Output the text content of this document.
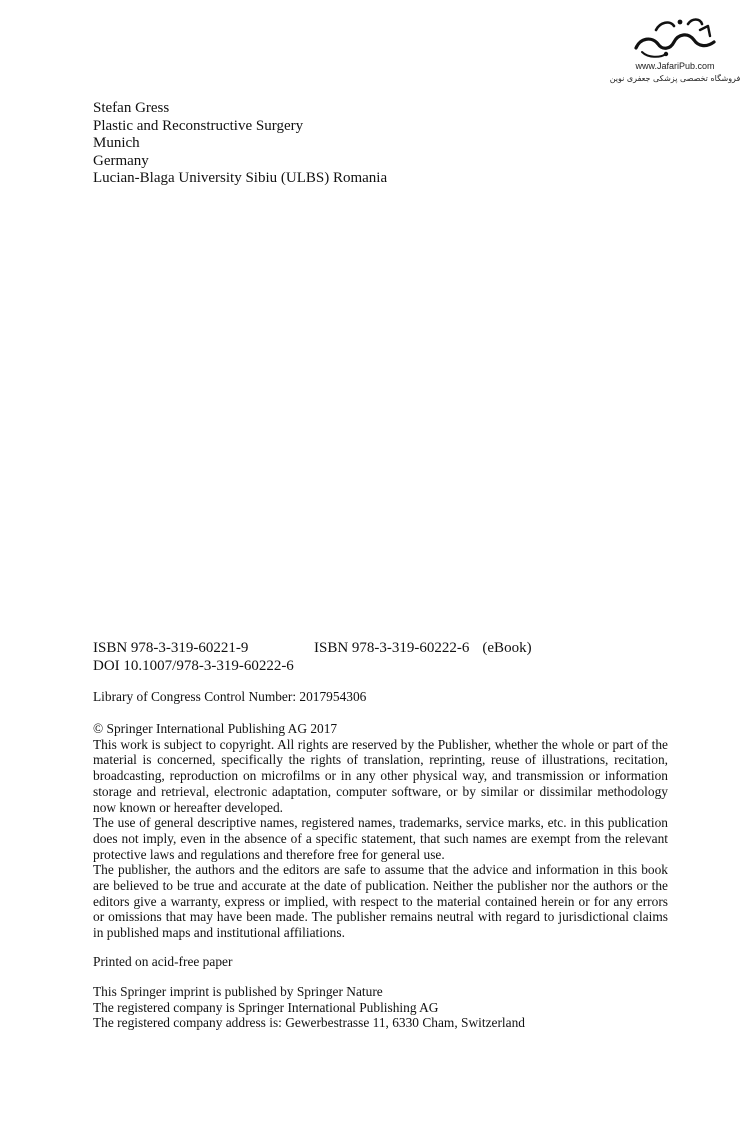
www.JafariPub.com
فروشگاه تخصصی پزشکی جعفری نوین
Stefan Gress
Plastic and Reconstructive Surgery
Munich
Germany
Lucian-Blaga University Sibiu (ULBS) Romania
ISBN 978-3-319-60221-9	ISBN 978-3-319-60222-6 (eBook)
DOI 10.1007/978-3-319-60222-6
Library of Congress Control Number: 2017954306

© Springer International Publishing AG 2017

This work is subject to copyright. All rights are reserved by the Publisher, whether the whole or part of the material is concerned, specifically the rights of translation, reprinting, reuse of illustrations, recitation, broadcasting, reproduction on microfilms or in any other physical way, and transmission or information storage and retrieval, electronic adaptation, computer software, or by similar or dissimilar methodology now known or hereafter developed.

The use of general descriptive names, registered names, trademarks, service marks, etc. in this publication does not imply, even in the absence of a specific statement, that such names are exempt from the relevant protective laws and regulations and therefore free for general use.

The publisher, the authors and the editors are safe to assume that the advice and information in this book are believed to be true and accurate at the date of publication. Neither the publisher nor the authors or the editors give a warranty, express or implied, with respect to the material contained herein or for any errors or omissions that may have been made. The publisher remains neutral with regard to jurisdictional claims in published maps and institutional affiliations.

Printed on acid-free paper
This Springer imprint is published by Springer Nature
The registered company is Springer International Publishing AG
The registered company address is: Gewerbestrasse 11, 6330 Cham, Switzerland
